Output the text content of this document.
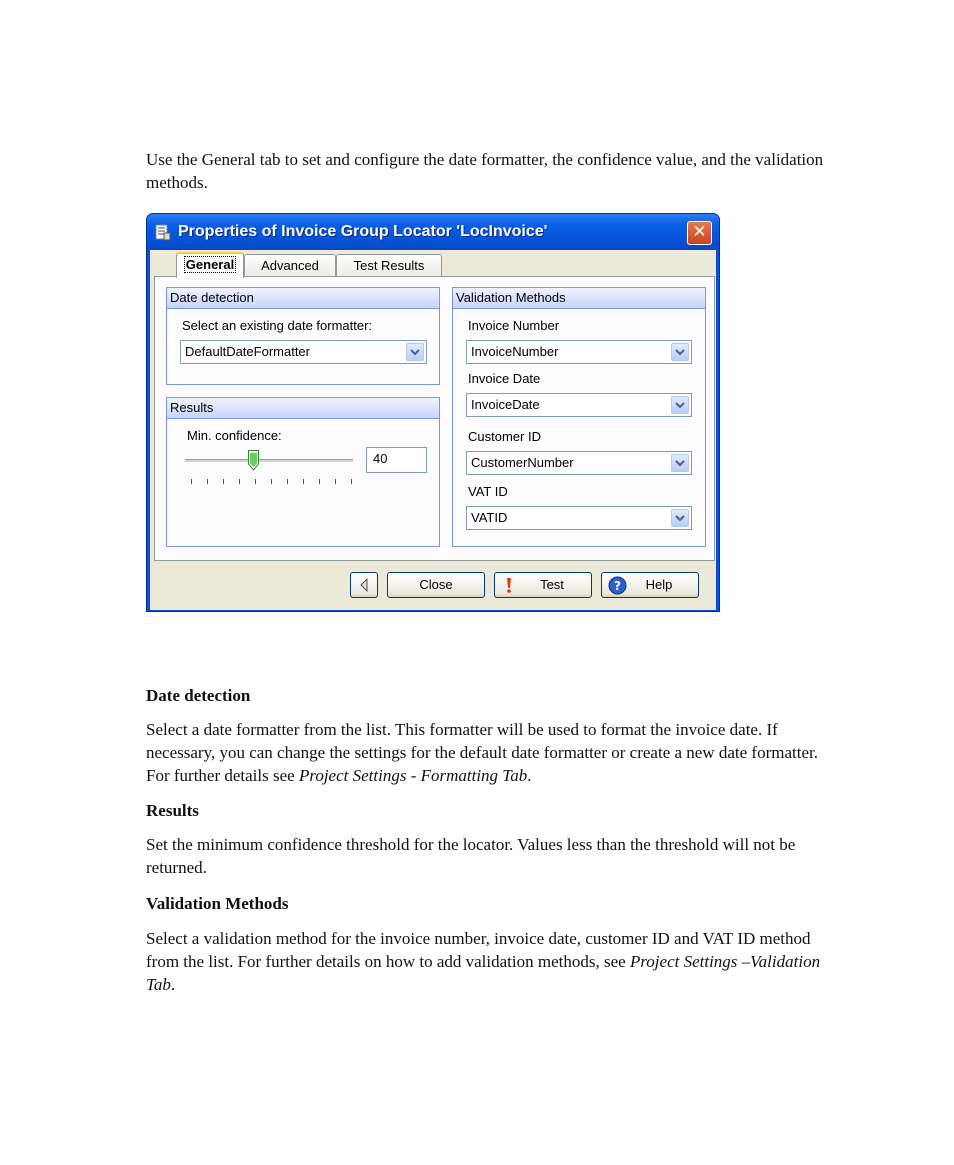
Use the General tab to set and configure the date formatter, the confidence value, and the validation methods.

Properties of Invoice Group Locator 'LocInvoice'	✕
General	Advanced	Test Results
Date detection
Select an existing date formatter:
DefaultDateFormatter
Results
Min. confidence:
40
Validation Methods
Invoice Number
InvoiceNumber
Invoice Date
InvoiceDate
Customer ID
CustomerNumber
VAT ID
VATID
Close	Test	? Help
Date detection

Select a date formatter from the list. This formatter will be used to format the invoice date. If necessary, you can change the settings for the default date formatter or create a new date formatter. For further details see Project Settings - Formatting Tab.

Results

Set the minimum confidence threshold for the locator. Values less than the threshold will not be returned.

Validation Methods

Select a validation method for the invoice number, invoice date, customer ID and VAT ID method from the list. For further details on how to add validation methods, see Project Settings –Validation Tab.
